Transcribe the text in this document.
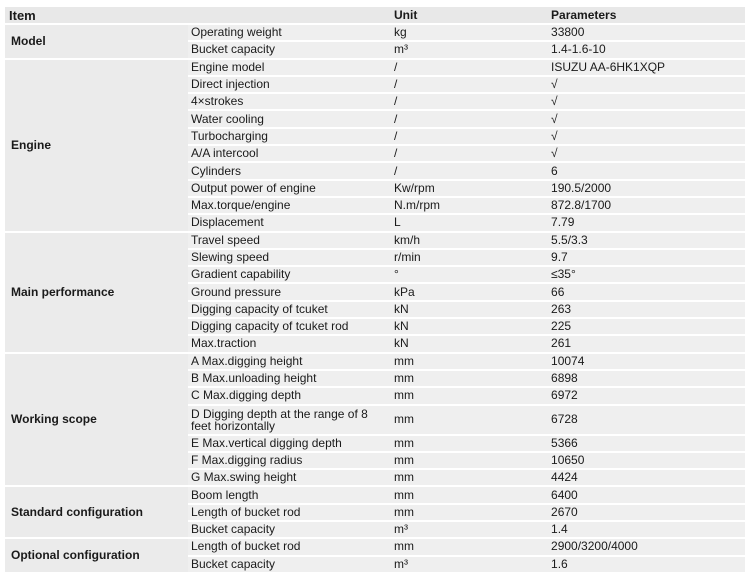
Item		Unit	Parameters
Model	Operating weight	kg	33800
	Bucket capacity	m³	1.4-1.6-10
Engine	Engine model	/	ISUZU AA-6HK1XQP
	Direct injection	/	√
	4×strokes	/	√
	Water cooling	/	√
	Turbocharging	/	√
	A/A intercool	/	√
	Cylinders	/	6
	Output power of engine	Kw/rpm	190.5/2000
	Max.torque/engine	N.m/rpm	872.8/1700
	Displacement	L	7.79
Main performance	Travel speed	km/h	5.5/3.3
	Slewing speed	r/min	9.7
	Gradient capability	°	≤35°
	Ground pressure	kPa	66
	Digging capacity of tcuket	kN	263
	Digging capacity of tcuket rod	kN	225
	Max.traction	kN	261
Working scope	A Max.digging height	mm	10074
	B Max.unloading height	mm	6898
	C Max.digging depth	mm	6972
	D Digging depth at the range of 8 feet horizontally	mm	6728
	E Max.vertical digging depth	mm	5366
	F Max.digging radius	mm	10650
	G Max.swing height	mm	4424
Standard configuration	Boom length	mm	6400
	Length of bucket rod	mm	2670
	Bucket capacity	m³	1.4
Optional configuration	Length of bucket rod	mm	2900/3200/4000
	Bucket capacity	m³	1.6
